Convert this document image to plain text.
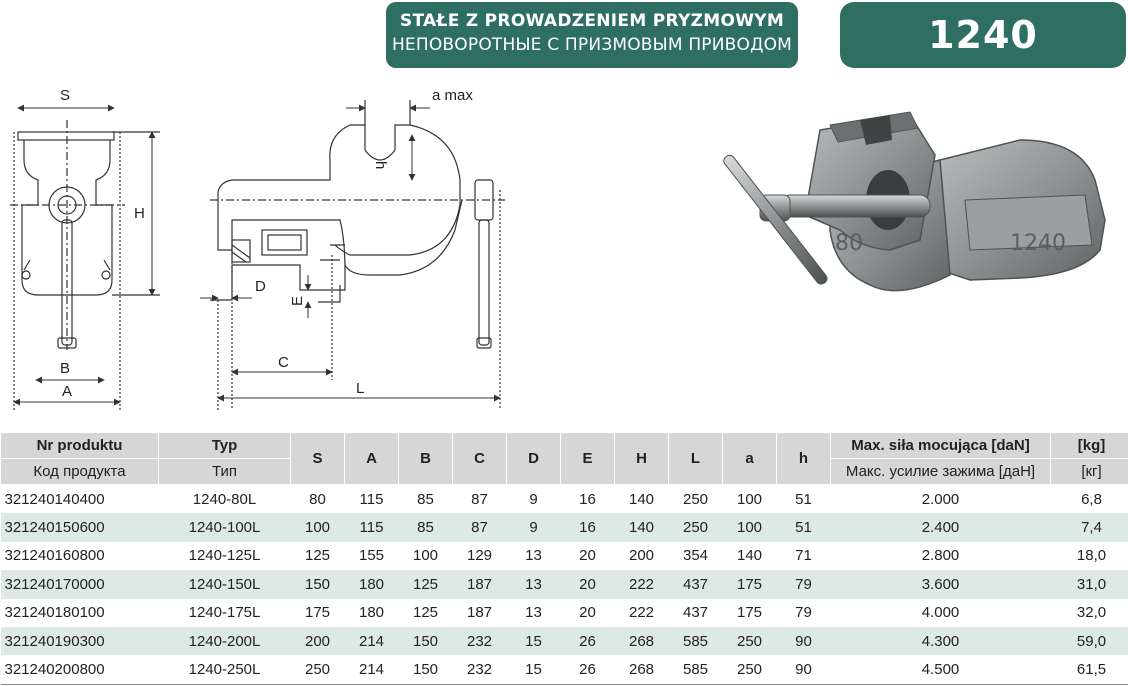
STAŁE Z PROWADZENIEM PRYZMOWYM
НЕПОВОРОТНЫЕ С ПРИЗМОВЫМ ПРИВОДОМ	1240
S
H
B
A
a max
h
D
E
C
L
80	1240
Nr produktu	Typ	S	A	B	C	D	E	H	L	a	h	Max. siła mocująca [daN]	[kg]
Код продукта	Тип											Макс. усилие зажима [даН]	[кг]
321240140400	1240-80L	80	115	85	87	9	16	140	250	100	51	2.000	6,8
321240150600	1240-100L	100	115	85	87	9	16	140	250	100	51	2.400	7,4
321240160800	1240-125L	125	155	100	129	13	20	200	354	140	71	2.800	18,0
321240170000	1240-150L	150	180	125	187	13	20	222	437	175	79	3.600	31,0
321240180100	1240-175L	175	180	125	187	13	20	222	437	175	79	4.000	32,0
321240190300	1240-200L	200	214	150	232	15	26	268	585	250	90	4.300	59,0
321240200800	1240-250L	250	214	150	232	15	26	268	585	250	90	4.500	61,5
